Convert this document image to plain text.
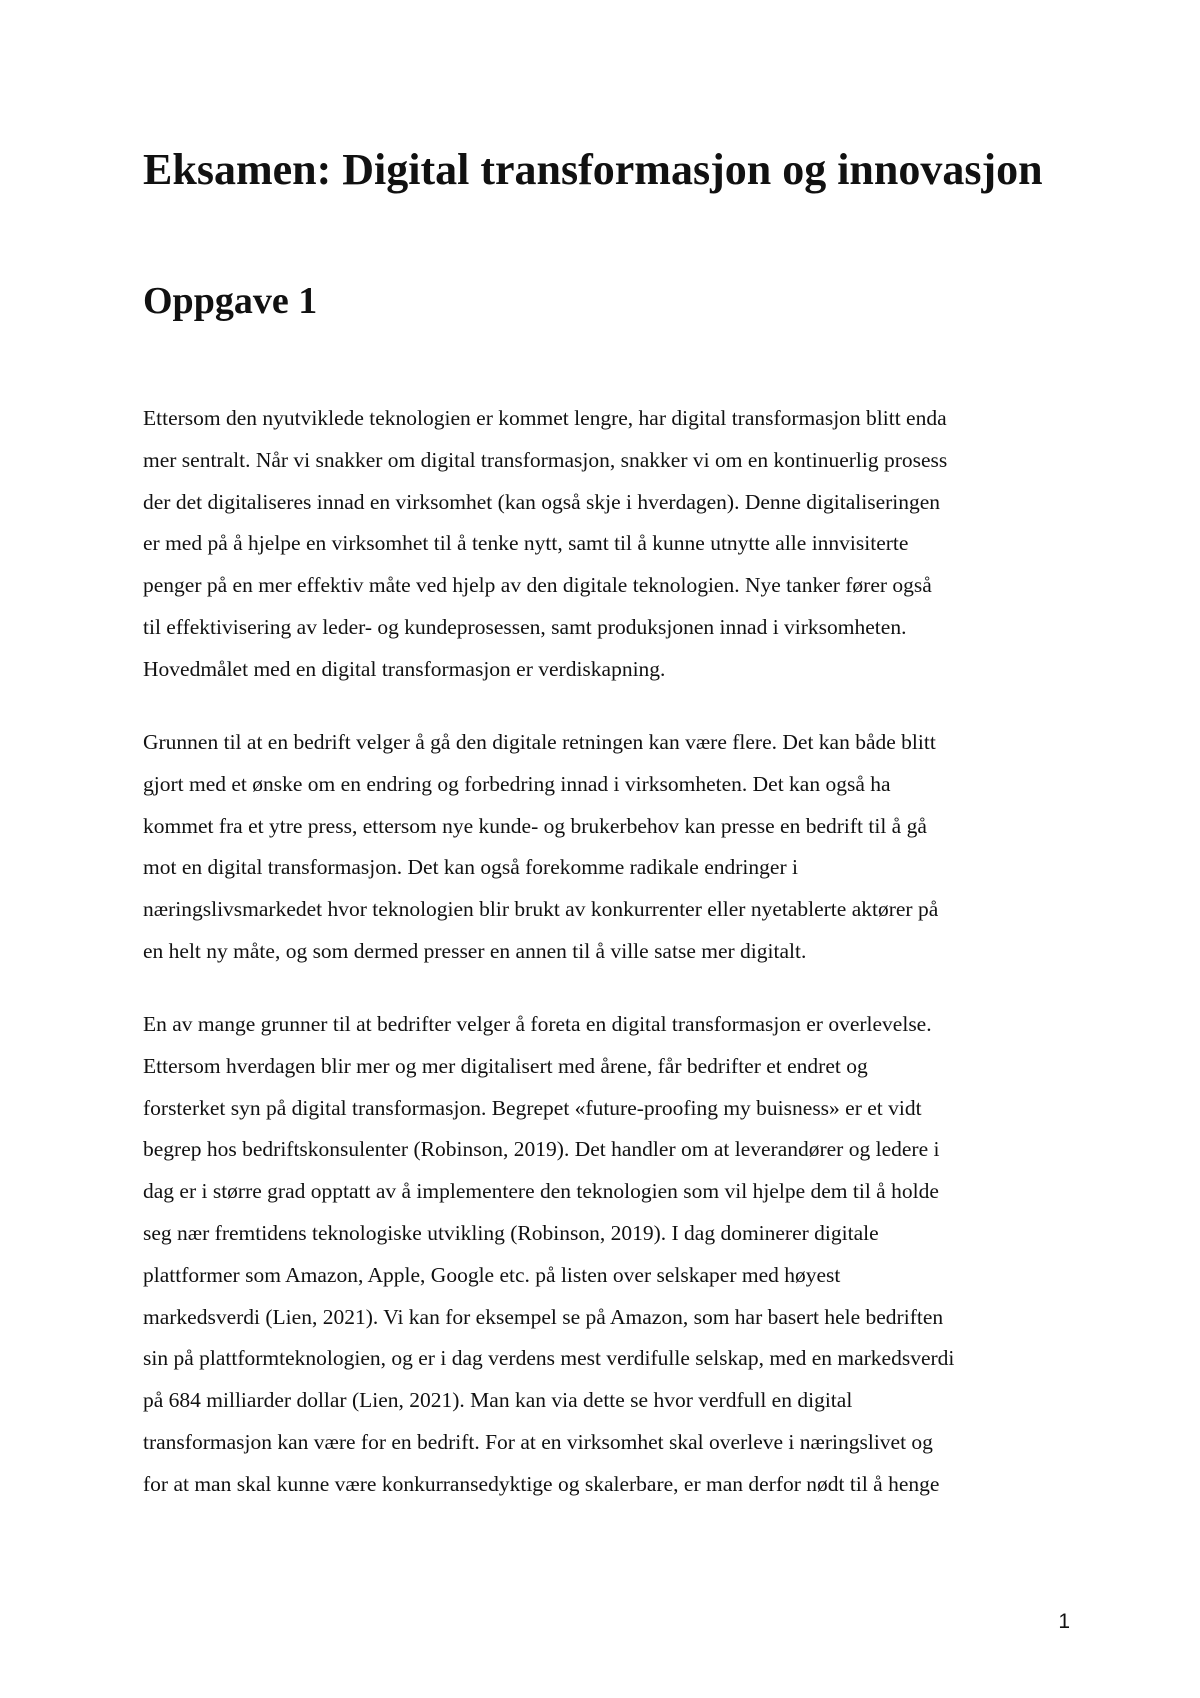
Eksamen: Digital transformasjon og innovasjon
Oppgave 1
Ettersom den nyutviklede teknologien er kommet lengre, har digital transformasjon blitt enda
mer sentralt. Når vi snakker om digital transformasjon, snakker vi om en kontinuerlig prosess
der det digitaliseres innad en virksomhet (kan også skje i hverdagen). Denne digitaliseringen
er med på å hjelpe en virksomhet til å tenke nytt, samt til å kunne utnytte alle innvisiterte
penger på en mer effektiv måte ved hjelp av den digitale teknologien. Nye tanker fører også
til effektivisering av leder- og kundeprosessen, samt produksjonen innad i virksomheten.
Hovedmålet med en digital transformasjon er verdiskapning.
Grunnen til at en bedrift velger å gå den digitale retningen kan være flere. Det kan både blitt
gjort med et ønske om en endring og forbedring innad i virksomheten. Det kan også ha
kommet fra et ytre press, ettersom nye kunde- og brukerbehov kan presse en bedrift til å gå
mot en digital transformasjon. Det kan også forekomme radikale endringer i
næringslivsmarkedet hvor teknologien blir brukt av konkurrenter eller nyetablerte aktører på
en helt ny måte, og som dermed presser en annen til å ville satse mer digitalt.
En av mange grunner til at bedrifter velger å foreta en digital transformasjon er overlevelse.
Ettersom hverdagen blir mer og mer digitalisert med årene, får bedrifter et endret og
forsterket syn på digital transformasjon. Begrepet «future-proofing my buisness» er et vidt
begrep hos bedriftskonsulenter (Robinson, 2019). Det handler om at leverandører og ledere i
dag er i større grad opptatt av å implementere den teknologien som vil hjelpe dem til å holde
seg nær fremtidens teknologiske utvikling (Robinson, 2019). I dag dominerer digitale
plattformer som Amazon, Apple, Google etc. på listen over selskaper med høyest
markedsverdi (Lien, 2021). Vi kan for eksempel se på Amazon, som har basert hele bedriften
sin på plattformteknologien, og er i dag verdens mest verdifulle selskap, med en markedsverdi
på 684 milliarder dollar (Lien, 2021). Man kan via dette se hvor verdfull en digital
transformasjon kan være for en bedrift. For at en virksomhet skal overleve i næringslivet og
for at man skal kunne være konkurransedyktige og skalerbare, er man derfor nødt til å henge
1
